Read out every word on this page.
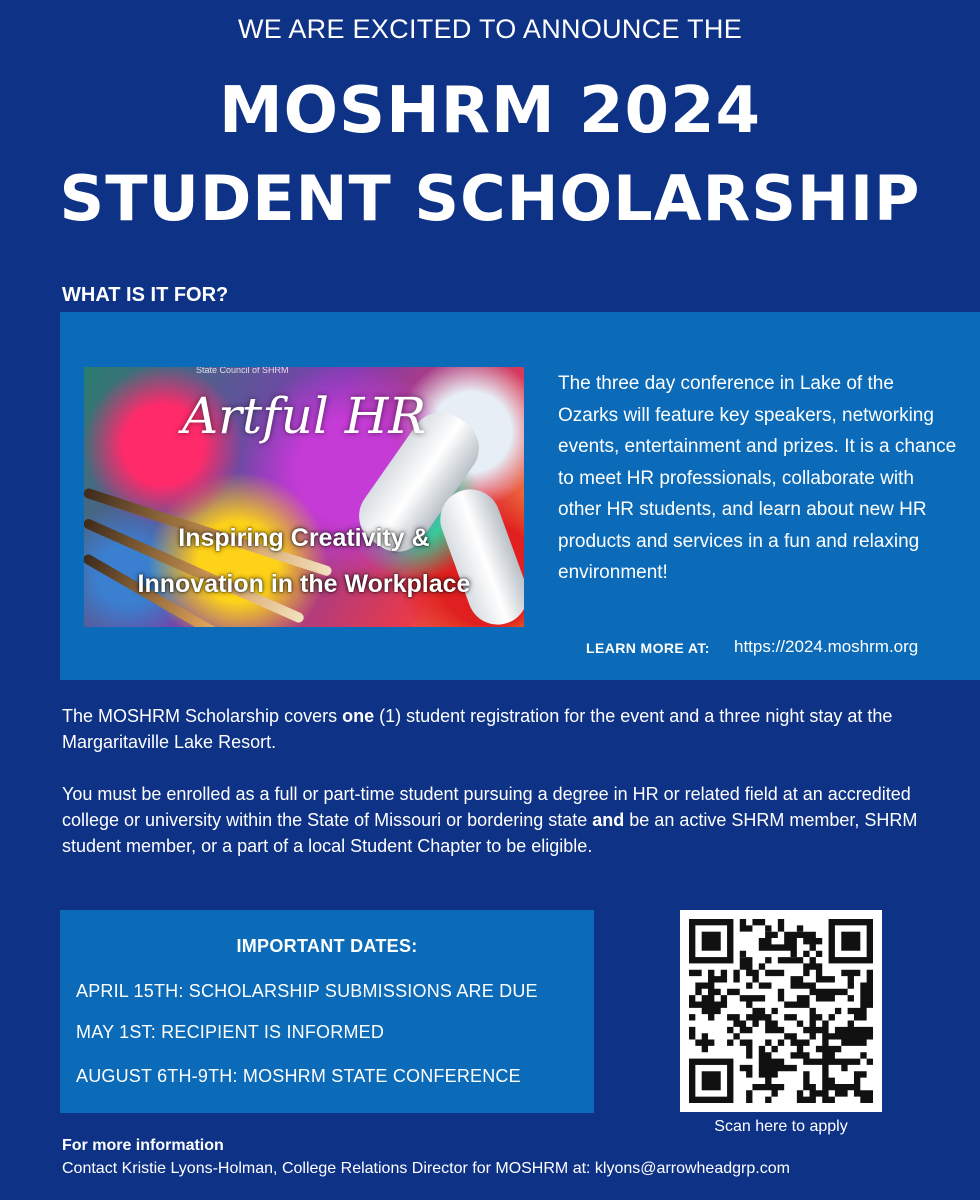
WE ARE EXCITED TO ANNOUNCE THE
MOSHRM 2024
STUDENT SCHOLARSHIP
WHAT IS IT FOR?
State Council of SHRM
Artful HR
Inspiring Creativity &
Innovation in the Workplace
The three day conference in Lake of the Ozarks will feature key speakers, networking events, entertainment and prizes. It is a chance to meet HR professionals, collaborate with other HR students, and learn about new HR products and services in a fun and relaxing environment!
LEARN MORE AT: https://2024.moshrm.org
The MOSHRM Scholarship covers one (1) student registration for the event and a three night stay at the Margaritaville Lake Resort.
You must be enrolled as a full or part-time student pursuing a degree in HR or related field at an accredited college or university within the State of Missouri or bordering state and be an active SHRM member, SHRM student member, or a part of a local Student Chapter to be eligible.
IMPORTANT DATES:
APRIL 15TH: SCHOLARSHIP SUBMISSIONS ARE DUE
MAY 1ST: RECIPIENT IS INFORMED
AUGUST 6TH-9TH: MOSHRM STATE CONFERENCE
Scan here to apply
For more information
Contact Kristie Lyons-Holman, College Relations Director for MOSHRM at: klyons@arrowheadgrp.com
